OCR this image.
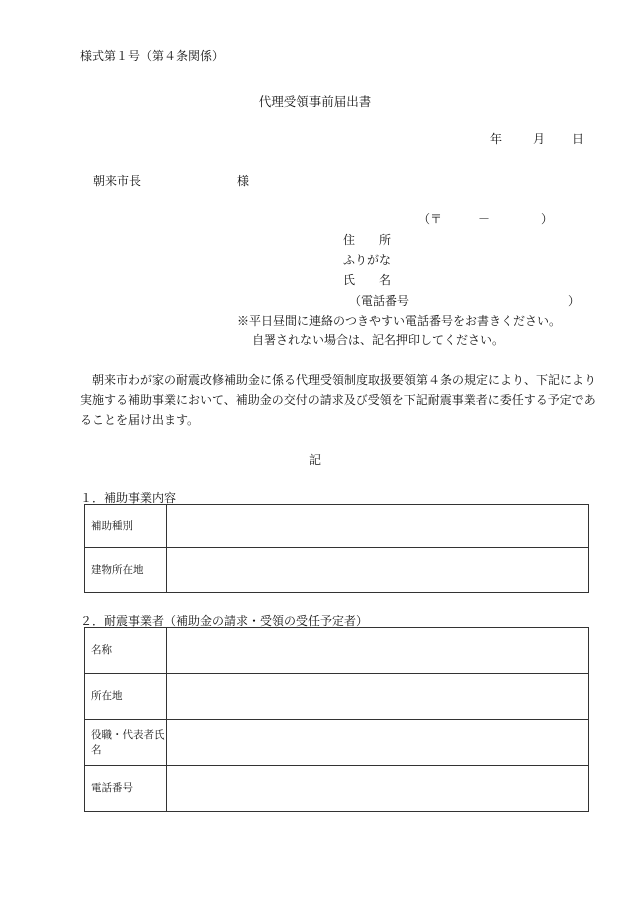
様式第１号（第４条関係）
代理受領事前届出書
年	月 日
朝来市長	様
（〒	－	）
住　　所
ふりがな
氏　　名
（電話番号	）
※平日昼間に連絡のつきやすい電話番号をお書きください。
自署されない場合は、記名押印してください。
　朝来市わが家の耐震改修補助金に係る代理受領制度取扱要領第４条の規定により、下記により実施する補助事業において、補助金の交付の請求及び受領を下記耐震事業者に委任する予定であることを届け出ます。
記
１．補助事業内容
補助種別	
建物所在地	
２．耐震事業者（補助金の請求・受領の受任予定者）
名称	
所在地	
役職・代表者氏名	
電話番号	
